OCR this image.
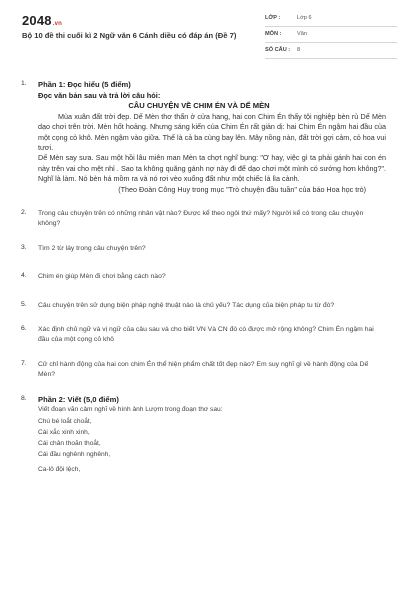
2048.vn
Bộ 10 đề thi cuối kì 2 Ngữ văn 6 Cánh diều có đáp án (Đề 7)
LỚP :	Lớp 6
MÔN :	Văn
SỐ CÂU : 8
1. Phần 1: Đọc hiểu (5 điểm)
Đọc văn bản sau và trả lời câu hỏi:
CÂU CHUYỆN VỀ CHIM ÉN VÀ DẾ MÈN
Mùa xuân đất trời đẹp. Dế Mèn thơ thẩn ở cửa hang, hai con Chim Én thấy tội nghiệp bèn rủ Dế Mèn dạo chơi trên trời. Mèn hốt hoảng. Nhưng sáng kiến của Chim Én rất giản dị: hai Chim Én ngậm hai đầu của một cọng cỏ khô. Mèn ngậm vào giữa. Thế là cả ba cùng bay lên. Mây nồng nàn, đất trời gợi cảm, cỏ hoa vui tươi.
Dế Mèn say sưa. Sau một hồi lâu miên man Mèn ta chợt nghĩ bụng: "Ơ hay, việc gì ta phải gánh hai con én này trên vai cho mệt nhỉ . Sao ta không quăng gánh nợ này đi để dạo chơi một mình có sướng hơn không?". Nghĩ là làm. Nó bèn há mồm ra và nó rơi vèo xuống đất như một chiếc lá lìa cành.
(Theo Đoàn Công Huy trong mục "Trò chuyện đầu tuần" của báo Hoa học trò)
2. Trong câu chuyện trên có những nhân vật nào? Được kể theo ngôi thứ mấy? Người kể có trong câu chuyện không?
3. Tìm 2 từ láy trong câu chuyện trên?
4. Chim én giúp Mèn đi chơi bằng cách nào?
5. Câu chuyện trên sử dụng biện pháp nghệ thuật nào là chủ yếu? Tác dụng của biện pháp tu từ đó?
6. Xác định chủ ngữ và vị ngữ của câu sau và cho biết VN Và CN đó có được mở rộng không? Chim Én ngậm hai đầu của một cọng cỏ khô
7. Cử chỉ hành động của hai con chim Én thể hiện phẩm chất tốt đẹp nào? Em suy nghĩ gì về hành động của Dế Mèn?
8. Phần 2: Viết (5,0 điểm)
Viết đoạn văn cảm nghĩ về hình ảnh Lượm trong đoạn thơ sau:
Chú bé loắt choắt,
Cái xắc xinh xinh,
Cái chân thoăn thoắt,
Cái đầu nghênh nghênh,
Ca-lô đội lệch,
